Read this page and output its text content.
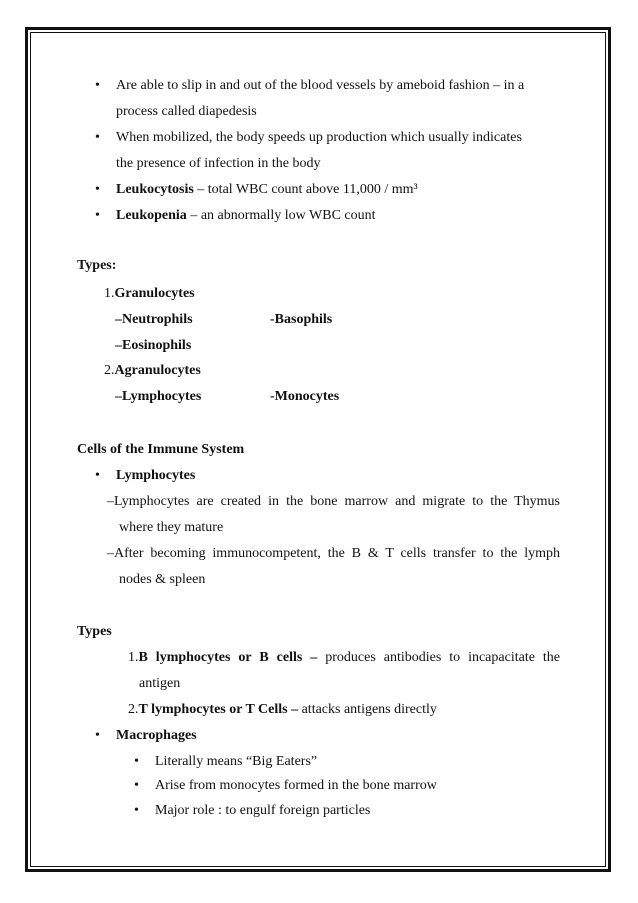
• Are able to slip in and out of the blood vessels by ameboid fashion – in a
process called diapedesis
• When mobilized, the body speeds up production which usually indicates
the presence of infection in the body
• Leukocytosis – total WBC count above 11,000 / mm³
• Leukopenia – an abnormally low WBC count
Types:
1.Granulocytes
–Neutrophils	-Basophils
–Eosinophils
2.Agranulocytes
–Lymphocytes	-Monocytes
Cells of the Immune System
• Lymphocytes
–Lymphocytes are created in the bone marrow and migrate to the Thymus
where they mature
–After becoming immunocompetent, the B & T cells transfer to the lymph
nodes & spleen
Types
1.B lymphocytes or B cells – produces antibodies to incapacitate the
antigen
2.T lymphocytes or T Cells – attacks antigens directly
• Macrophages
• Literally means “Big Eaters”
• Arise from monocytes formed in the bone marrow
• Major role : to engulf foreign particles
